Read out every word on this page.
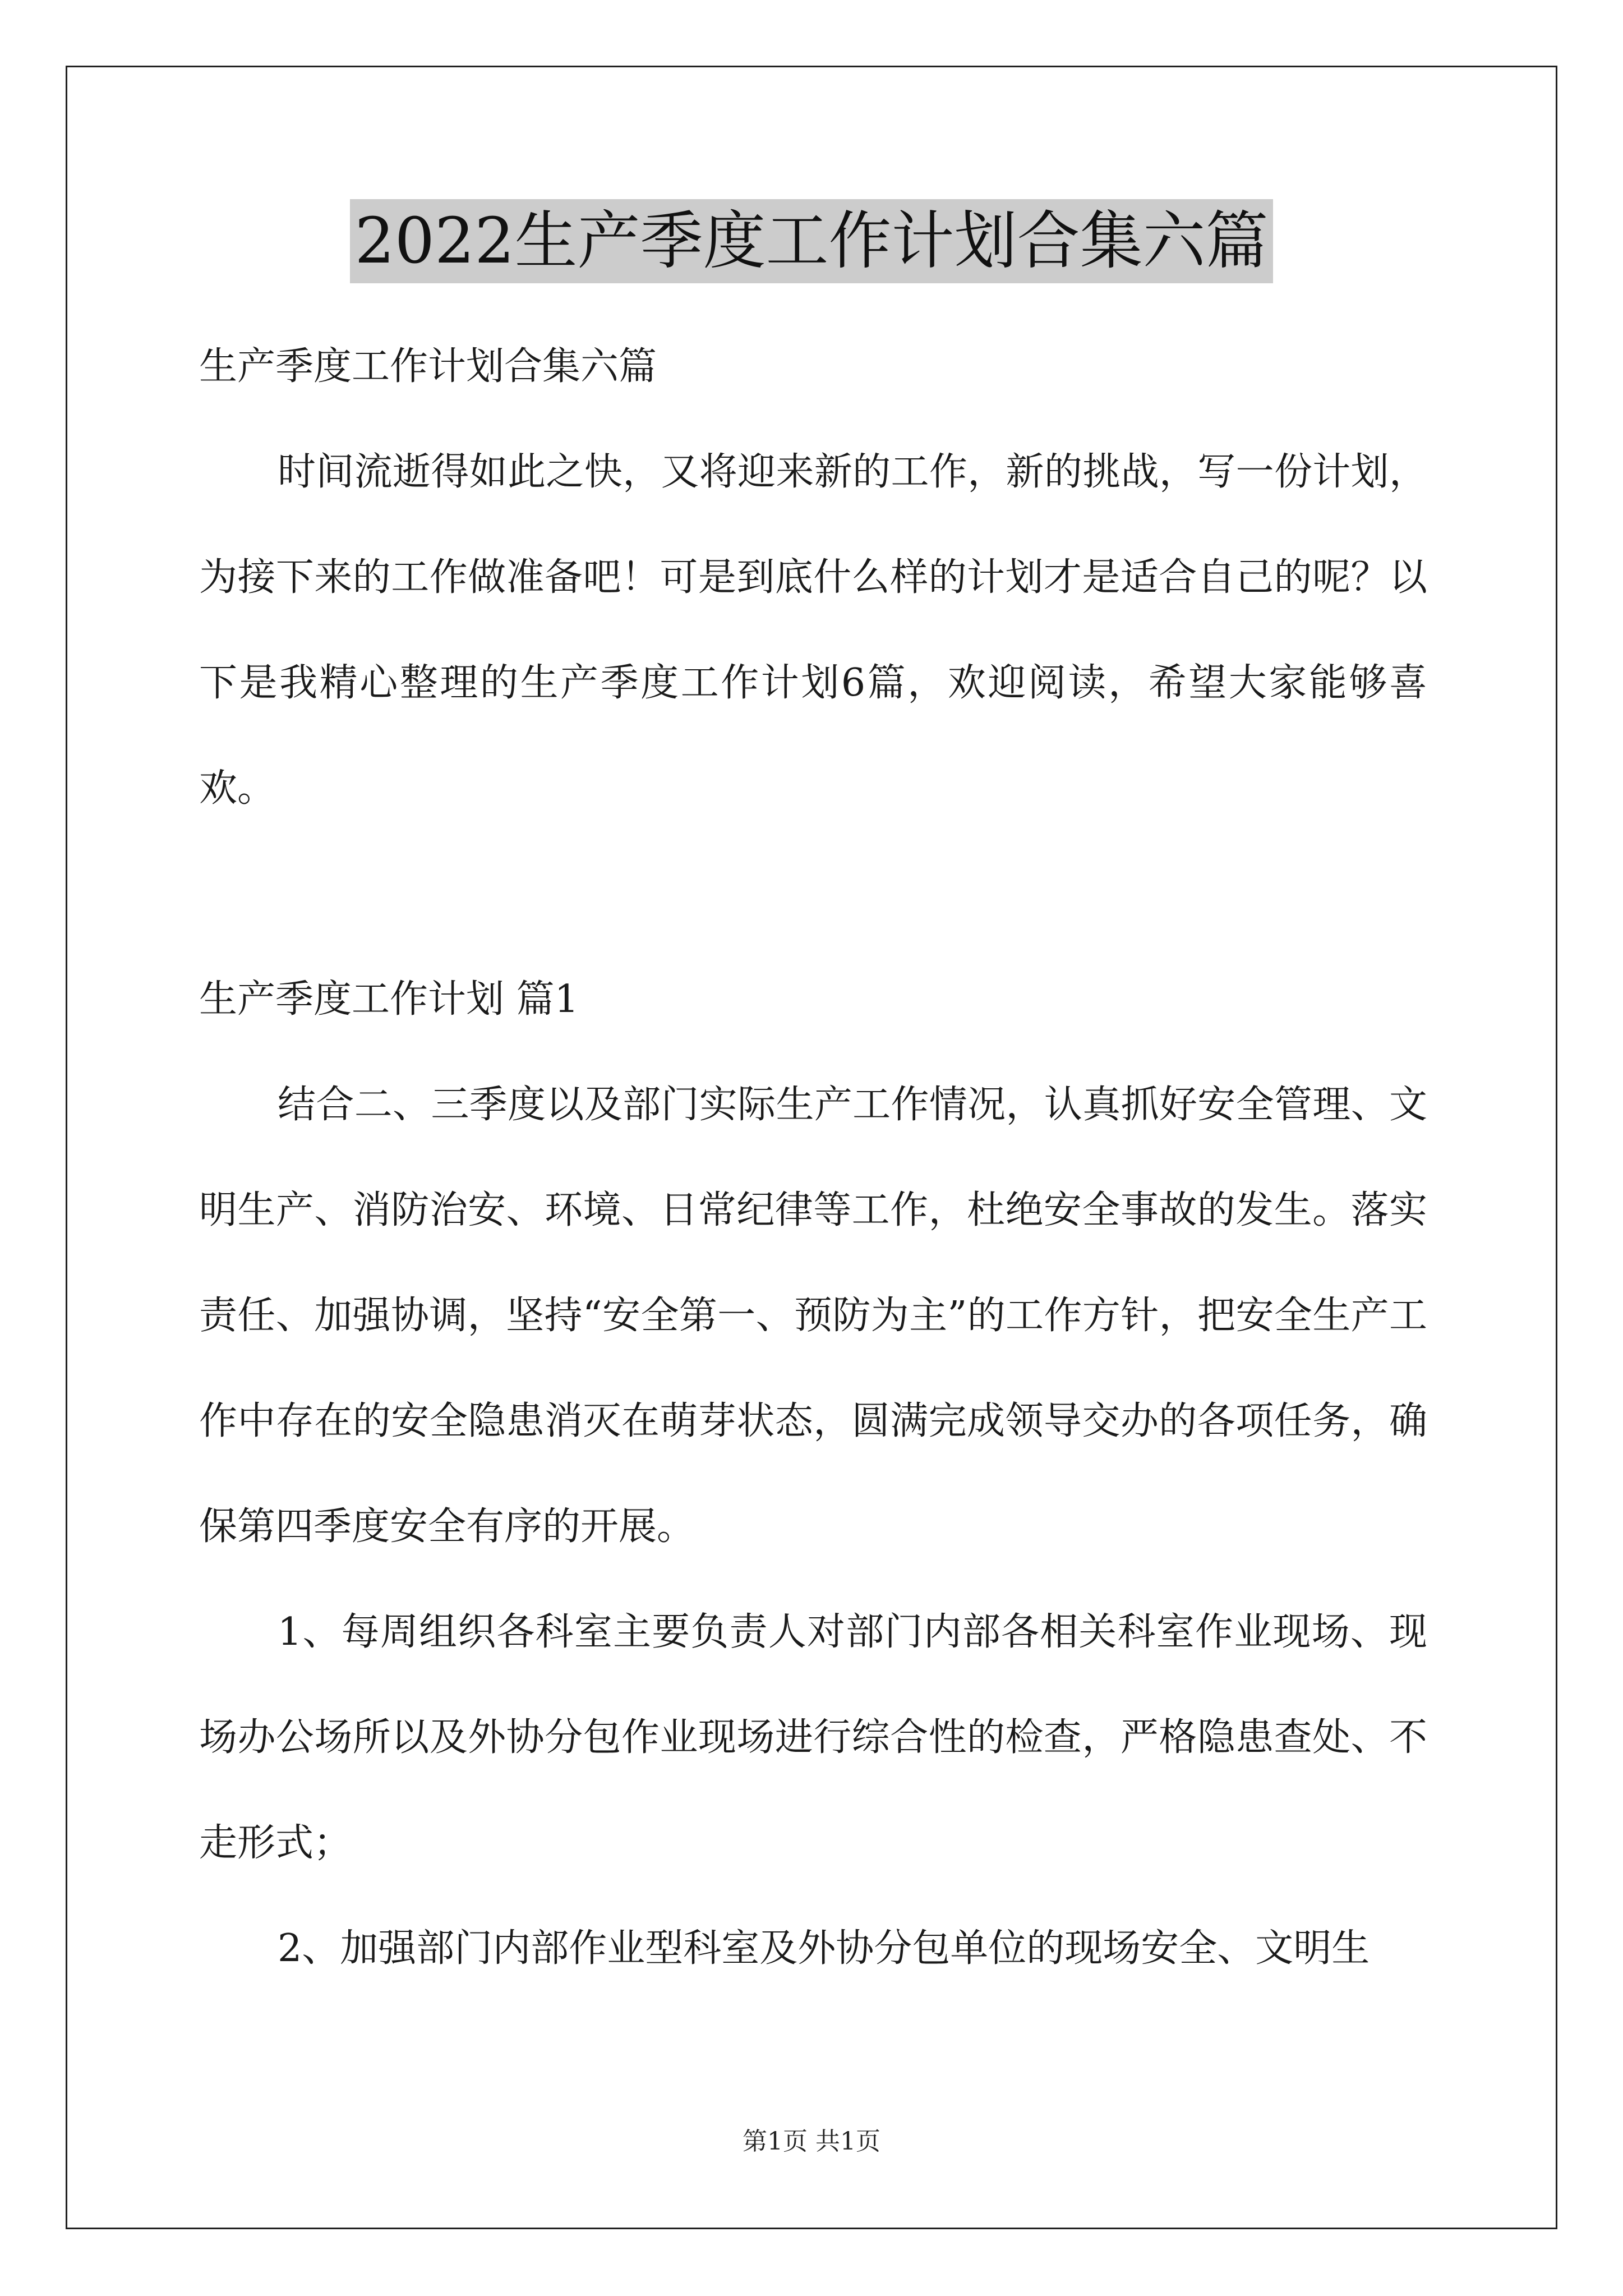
2022生产季度工作计划合集六篇

生产季度工作计划合集六篇

时间流逝得如此之快，又将迎来新的工作，新的挑战，写一份计划，为接下来的工作做准备吧！可是到底什么样的计划才是适合自己的呢？以下是我精心整理的生产季度工作计划6篇，欢迎阅读，希望大家能够喜欢。

生产季度工作计划 篇1

结合二、三季度以及部门实际生产工作情况，认真抓好安全管理、文明生产、消防治安、环境、日常纪律等工作，杜绝安全事故的发生。落实责任、加强协调，坚持“安全第一、预防为主”的工作方针，把安全生产工作中存在的安全隐患消灭在萌芽状态，圆满完成领导交办的各项任务，确保第四季度安全有序的开展。

1、每周组织各科室主要负责人对部门内部各相关科室作业现场、现场办公场所以及外协分包作业现场进行综合性的检查，严格隐患查处、不走形式；

2、加强部门内部作业型科室及外协分包单位的现场安全、文明生

第1页 共1页
